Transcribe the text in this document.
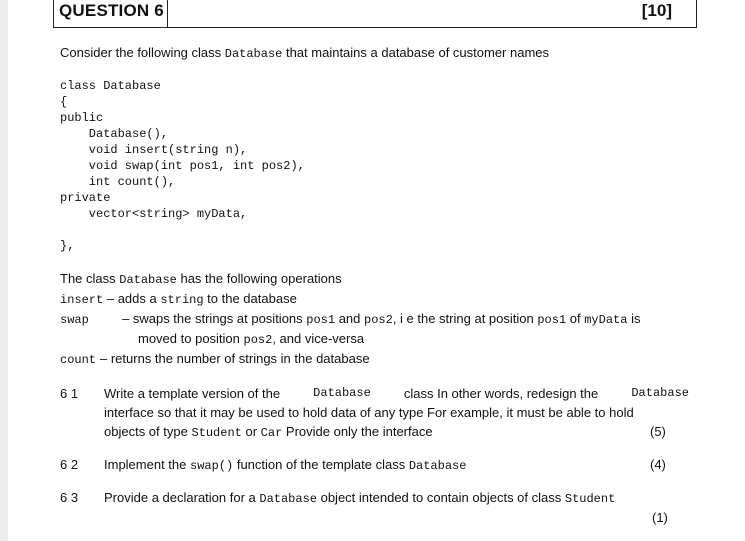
QUESTION 6	[10]
Consider the following class Database that maintains a database of customer names
class Database
{
public
Database(),
void insert(string n),
void swap(int pos1, int pos2),
int count(),
private
vector<string> myData,
},
The class Database has the following operations
insert – adds a string to the database
swap	– swaps the strings at positions pos1 and pos2, i e the string at position pos1 of myData is
moved to position pos2, and vice-versa
count – returns the number of strings in the database
6 1 Write a template version of the	Database	class In other words, redesign the	Database
interface so that it may be used to hold data of any type For example, it must be able to hold
objects of type Student or Car Provide only the interface	(5)
6 2 Implement the swap() function of the template class Database	(4)
6 3 Provide a declaration for a Database object intended to contain objects of class Student
(1)
